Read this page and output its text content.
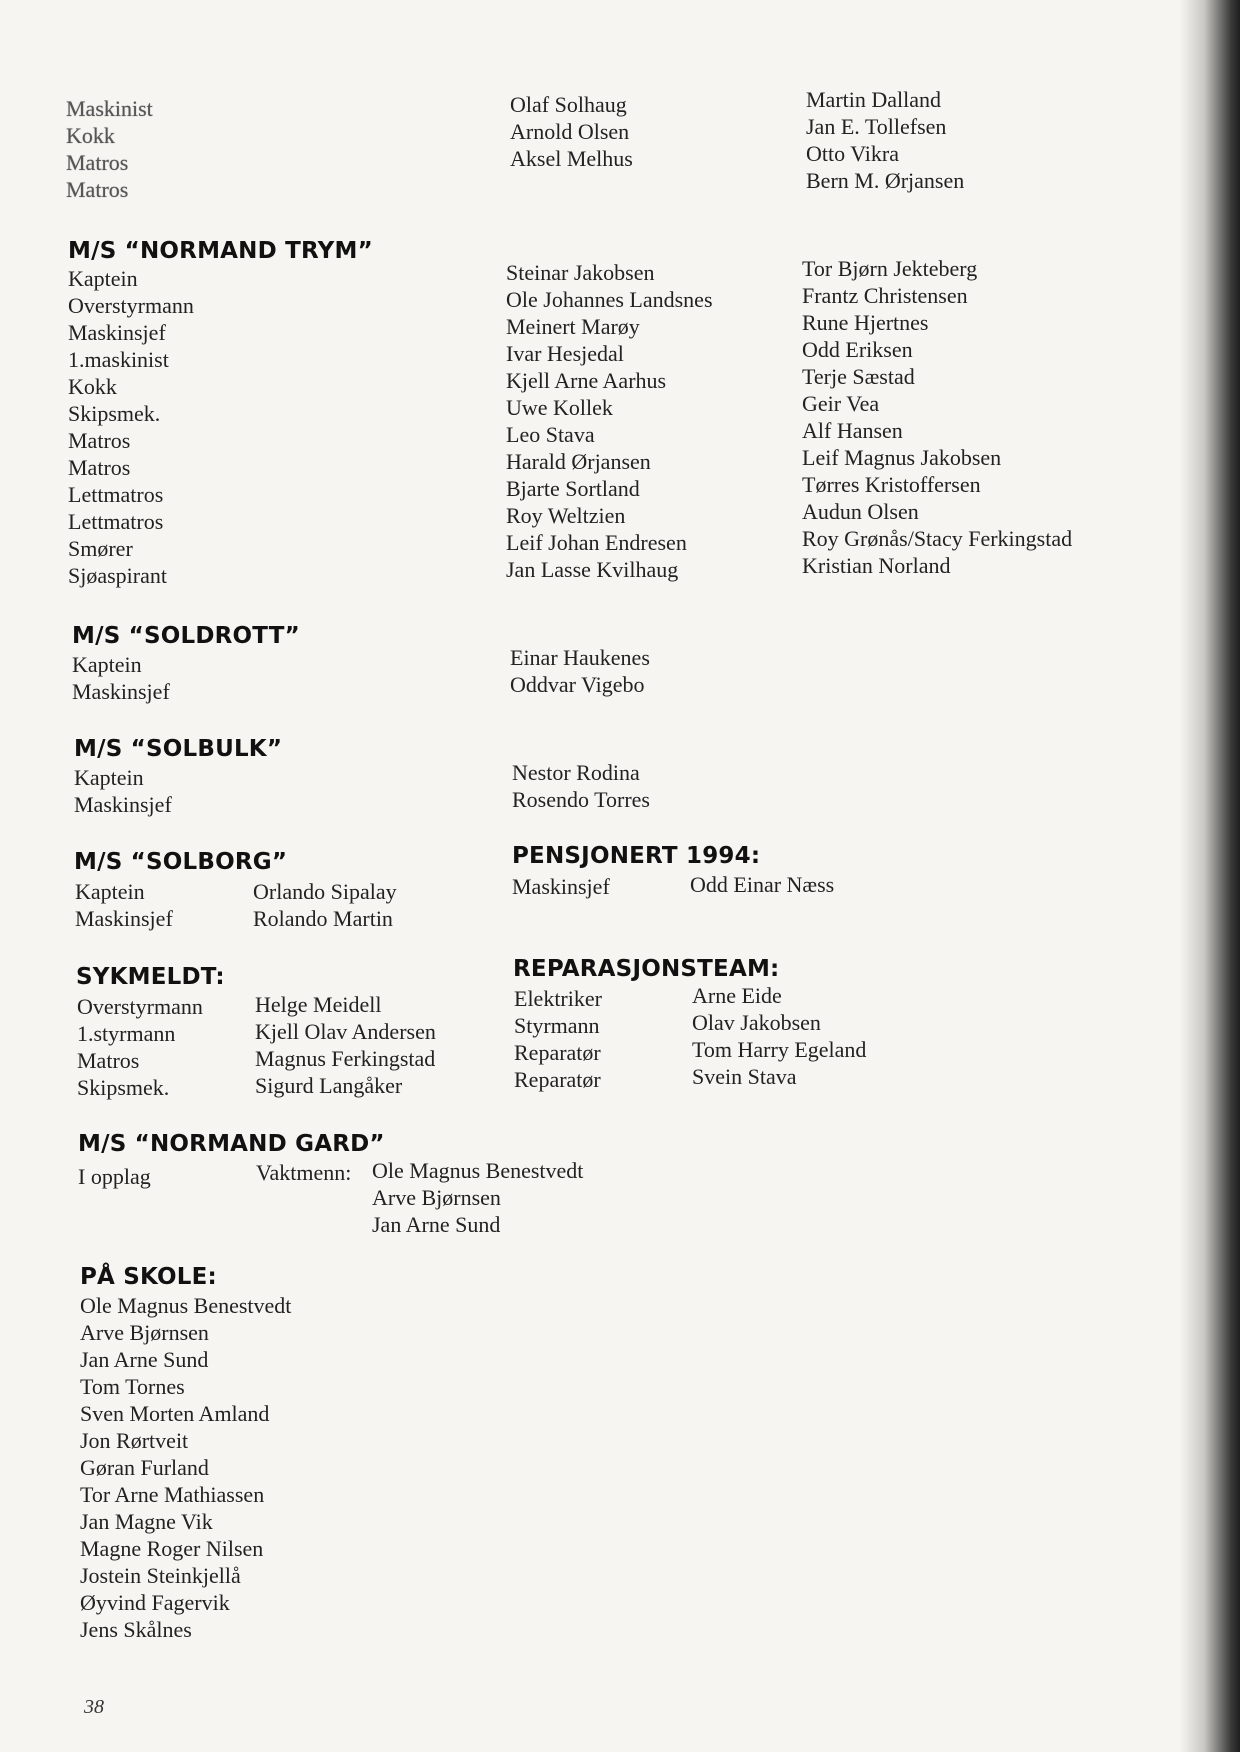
Maskinist

Kokk

Matros

Matros

Olaf Solhaug

Arnold Olsen

Aksel Melhus

Martin Dalland

Jan E. Tollefsen

Otto Vikra

Bern M. Ørjansen

M/S “NORMAND TRYM”

Kaptein

Overstyrmann

Maskinsjef

1.maskinist

Kokk

Skipsmek.

Matros

Matros

Lettmatros

Lettmatros

Smører

Sjøaspirant

Steinar Jakobsen

Ole Johannes Landsnes

Meinert Marøy

Ivar Hesjedal

Kjell Arne Aarhus

Uwe Kollek

Leo Stava

Harald Ørjansen

Bjarte Sortland

Roy Weltzien

Leif Johan Endresen

Jan Lasse Kvilhaug

Tor Bjørn Jekteberg

Frantz Christensen

Rune Hjertnes

Odd Eriksen

Terje Sæstad

Geir Vea

Alf Hansen

Leif Magnus Jakobsen

Tørres Kristoffersen

Audun Olsen

Roy Grønås/Stacy Ferkingstad

Kristian Norland

M/S “SOLDROTT”

Kaptein

Maskinsjef

Einar Haukenes

Oddvar Vigebo

M/S “SOLBULK”

Kaptein

Maskinsjef

Nestor Rodina

Rosendo Torres

M/S “SOLBORG”

Kaptein

Maskinsjef

Orlando Sipalay

Rolando Martin

PENSJONERT 1994:

Maskinsjef	Odd Einar Næss

SYKMELDT:

Overstyrmann

1.styrmann

Matros

Skipsmek.

Helge Meidell

Kjell Olav Andersen

Magnus Ferkingstad

Sigurd Langåker

REPARASJONSTEAM:

Elektriker

Styrmann

Reparatør

Reparatør

Arne Eide

Olav Jakobsen

Tom Harry Egeland

Svein Stava

M/S “NORMAND GARD”

I opplag	Vaktmenn: Ole Magnus Benestvedt

Arve Bjørnsen

Jan Arne Sund

PÅ SKOLE:

Ole Magnus Benestvedt

Arve Bjørnsen

Jan Arne Sund

Tom Tornes

Sven Morten Amland

Jon Rørtveit

Gøran Furland

Tor Arne Mathiassen

Jan Magne Vik

Magne Roger Nilsen

Jostein Steinkjellå

Øyvind Fagervik

Jens Skålnes

38
